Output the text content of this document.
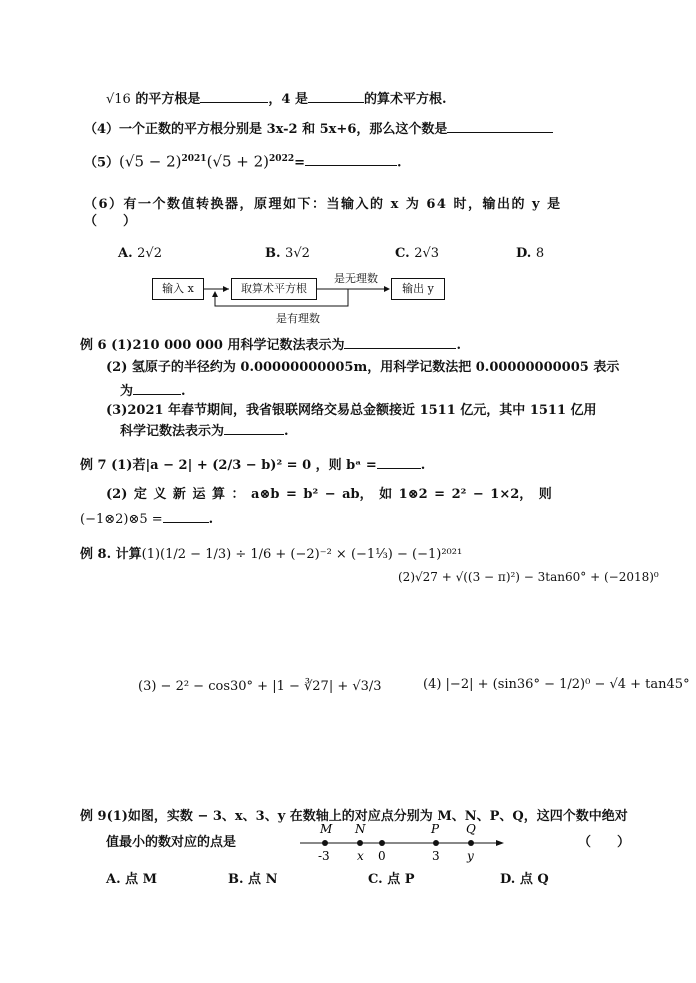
√16 的平方根是	，4 是	的算术平方根.
（4）一个正数的平方根分别是 3x-2 和 5x+6，那么这个数是
$(5)(√5 - 2)^{2021}(√5 + 2)^{2022}=$	.
（6）有一个数值转换器，原理如下：当输入的 x 为 64 时，输出的 y 是
（　　）
A. 2√2	B. 3√2	C. 2√3	D. 8
输入 x	取算术平方根	输出 y
是无理数
是有理数
例 6 (1)210 000 000 用科学记数法表示为	.
(2) 氢原子的半径约为 0.00000000005m，用科学记数法把 0.00000000005 表示
为	.
(3)2021 年春节期间，我省银联网络交易总金额接近 1511 亿元，其中 1511 亿用
科学记数法表示为	.
例 7 (1)若|a − 2| + (2/3 − b)² = 0 ，则 bᵃ =	.
(2) 定 义 新 运 算 ： a⊗b = b² − ab， 如 1⊗2 = 2² − 1×2， 则
(−1⊗2)⊗5 =	.
例 8. 计算(1)(1/2 − 1/3) ÷ 1/6 + (−2)⁻² × (−1⅓) − (−1)²⁰²¹
(2)√27 + √((3 − π)²) − 3tan60° + (−2018)⁰
(3) − 2² − cos30° + |1 − ∛27| + √3/3	(4) |−2| + (sin36° − 1/2)⁰ − √4 + tan45°
例 9(1)如图，实数 − 3、x、3、y 在数轴上的对应点分别为 M、N、P、Q，这四个数中绝对
值最小的数对应的点是	（　　）
M N	P Q
-3 x 0	3 y
A. 点 M	B. 点 N	C. 点 P	D. 点 Q
